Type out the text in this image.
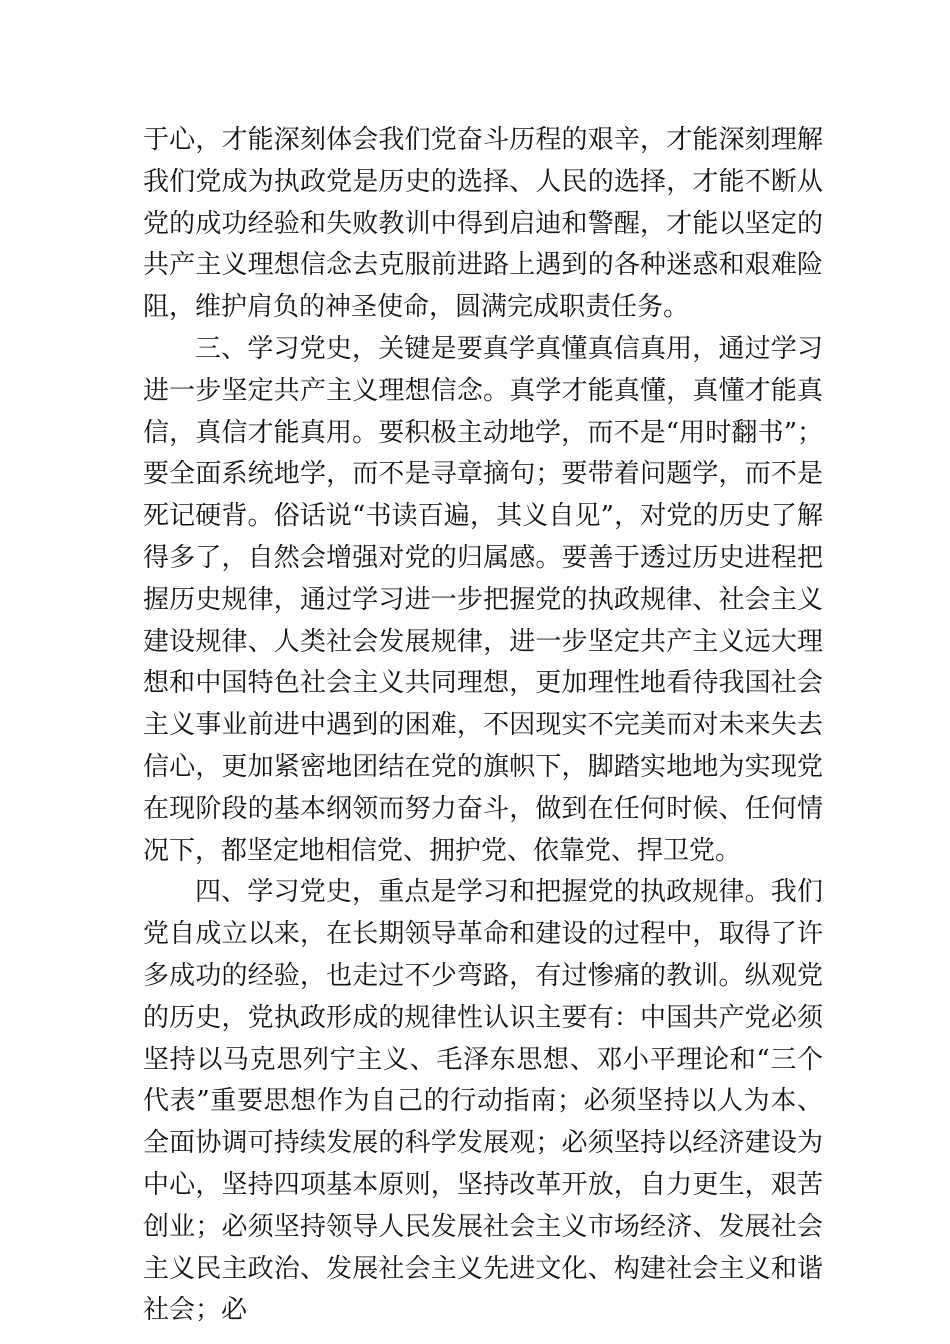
于心，才能深刻体会我们党奋斗历程的艰辛，才能深刻理解我们党成为执政党是历史的选择、人民的选择，才能不断从党的成功经验和失败教训中得到启迪和警醒，才能以坚定的共产主义理想信念去克服前进路上遇到的各种迷惑和艰难险阻，维护肩负的神圣使命，圆满完成职责任务。

三、学习党史，关键是要真学真懂真信真用，通过学习进一步坚定共产主义理想信念。真学才能真懂，真懂才能真信，真信才能真用。要积极主动地学，而不是“用时翻书”；要全面系统地学，而不是寻章摘句；要带着问题学，而不是死记硬背。俗话说“书读百遍，其义自见”，对党的历史了解得多了，自然会增强对党的归属感。要善于透过历史进程把握历史规律，通过学习进一步把握党的执政规律、社会主义建设规律、人类社会发展规律，进一步坚定共产主义远大理想和中国特色社会主义共同理想，更加理性地看待我国社会主义事业前进中遇到的困难，不因现实不完美而对未来失去信心，更加紧密地团结在党的旗帜下，脚踏实地地为实现党在现阶段的基本纲领而努力奋斗，做到在任何时候、任何情况下，都坚定地相信党、拥护党、依靠党、捍卫党。

四、学习党史，重点是学习和把握党的执政规律。我们党自成立以来，在长期领导革命和建设的过程中，取得了许多成功的经验，也走过不少弯路，有过惨痛的教训。纵观党的历史，党执政形成的规律性认识主要有：中国共产党必须坚持以马克思列宁主义、毛泽东思想、邓小平理论和“三个代表”重要思想作为自己的行动指南；必须坚持以人为本、全面协调可持续发展的科学发展观；必须坚持以经济建设为中心，坚持四项基本原则，坚持改革开放，自力更生，艰苦创业；必须坚持领导人民发展社会主义市场经济、发展社会主义民主政治、发展社会主义先进文化、构建社会主义和谐社会；必
